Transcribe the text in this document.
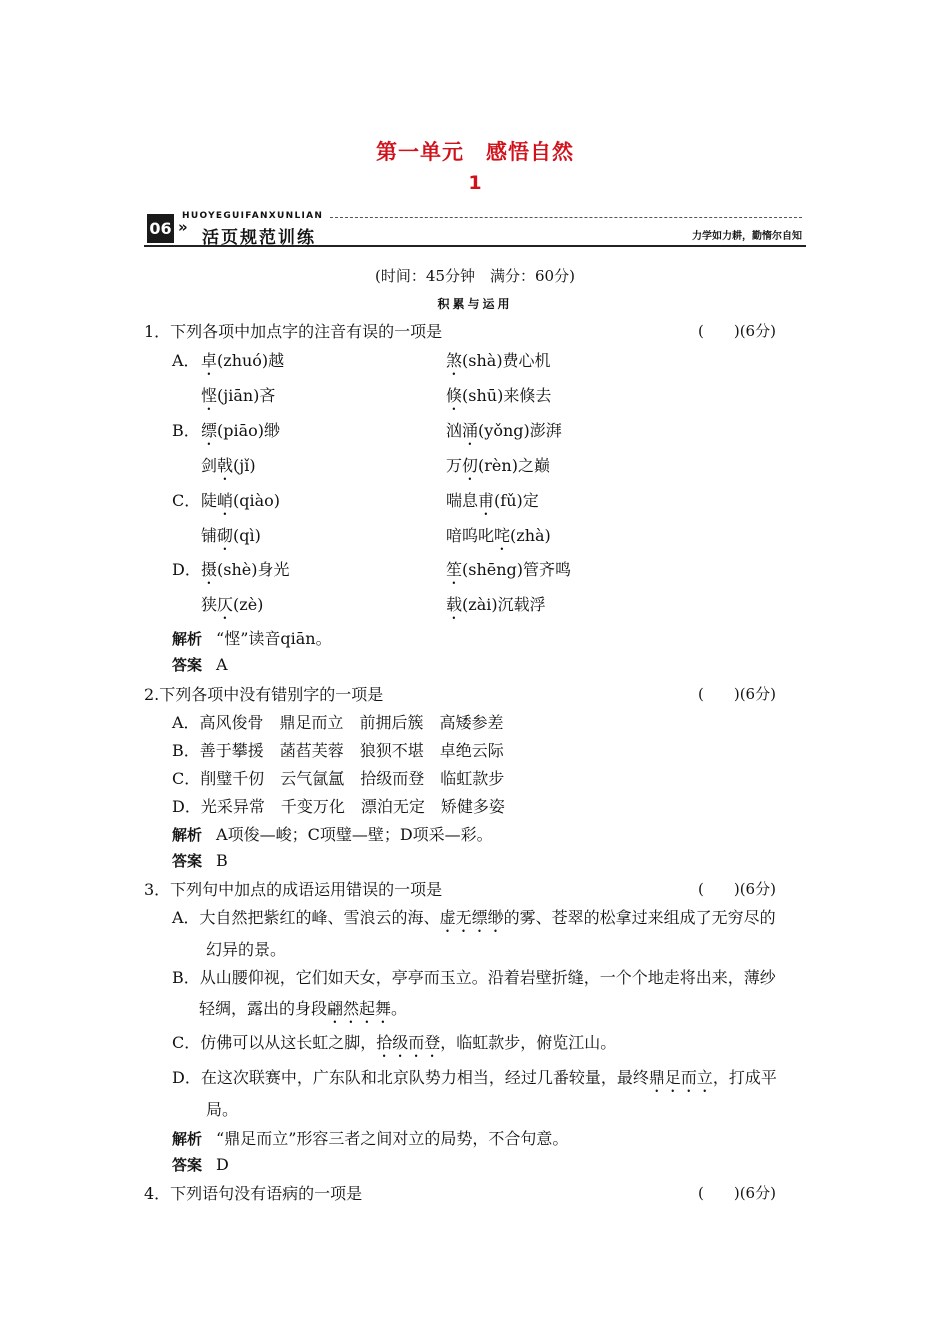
第一单元　感悟自然
1
06 »
HUOYEGUIFANXUNLIAN
活页规范训练	力学如力耕，勤惰尔自知
(时间：45分钟　满分：60分)
积累与运用
1．下列各项中加点字的注音有误的一项是	(　　)(6分)
A． 卓(zhuó)越	煞(shà)费心机
悭(jiān)吝	倏(shū)来倏去
B． 缥(piāo)缈	汹涌(yǒng)澎湃
剑戟(jǐ)	万仞(rèn)之巅
C． 陡峭(qiào)	喘息甫(fǔ)定
铺砌(qì)	喑呜叱咤(zhà)
D． 摄(shè)身光	笙(shēng)管齐鸣
狭仄(zè)	载(zài)沉载浮
解析 “悭”读音qiān。
答案 A
2.下列各项中没有错别字的一项是	(　　)(6分)
A．高风俊骨　鼎足而立　前拥后簇　高矮参差
B．善于攀援　菡萏芙蓉　狼狈不堪　卓绝云际
C．削璧千仞　云气氤氲　拾级而登　临虹款步
D．光采异常　千变万化　漂泊无定　矫健多姿
解析 A项俊—峻；C项璧—壁；D项采—彩。
答案 B
3．下列句中加点的成语运用错误的一项是	(　　)(6分)
A．大自然把紫红的峰、雪浪云的海、虚无缥缈的雾、苍翠的松拿过来组成了无穷尽的
幻异的景。
B．从山腰仰视，它们如天女，亭亭而玉立。沿着岩壁折缝，一个个地走将出来，薄纱
轻绸，露出的身段翩然起舞。
C．仿佛可以从这长虹之脚，拾级而登，临虹款步，俯览江山。
D．在这次联赛中，广东队和北京队势力相当，经过几番较量，最终鼎足而立，打成平
局。
解析 “鼎足而立”形容三者之间对立的局势，不合句意。
答案 D
4．下列语句没有语病的一项是	(　　)(6分)
